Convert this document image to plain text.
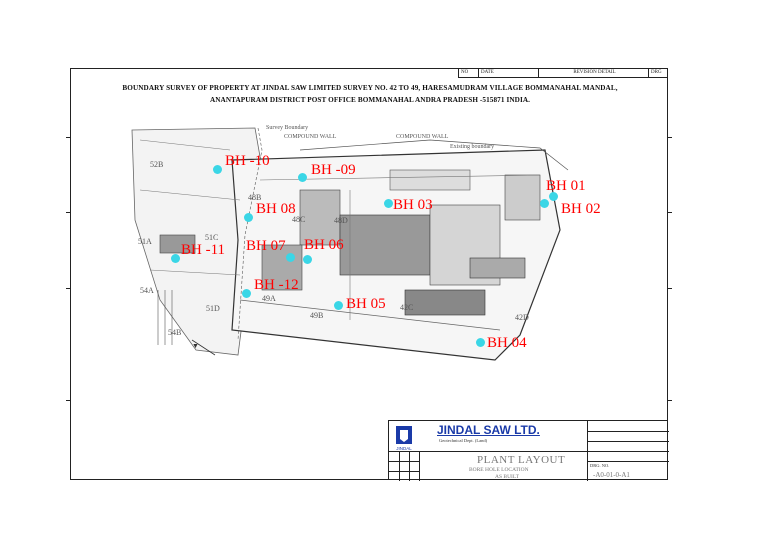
NO	DATE	REVISION DETAIL	DRG
BOUNDARY SURVEY OF PROPERTY AT JINDAL SAW LIMITED SURVEY NO. 42 TO 49, HARESAMUDRAM VILLAGE BOMMANAHAL MANDAL,
ANANTAPURAM DISTRICT POST OFFICE BOMMANAHAL ANDRA PRADESH -515871 INDIA.
Survey Boundary
COMPOUND WALL	COMPOUND WALL
Existing boundary
52B
51A	51C
54A
54B
51D
48B
48C	48D
49B
42C
42D
49A
BH -10
BH -09
BH 01
BH 02
BH 08	BH 03
BH -11 BH 07 BH 06
BH -12
BH 05
BH 04
▼
JINDAL
JINDAL SAW LTD.
Geotechnical Dept. (Land)
PLANT LAYOUT
BORE HOLE LOCATION
AS BUILT
DRG. NO.
-A0-01-0-A1
